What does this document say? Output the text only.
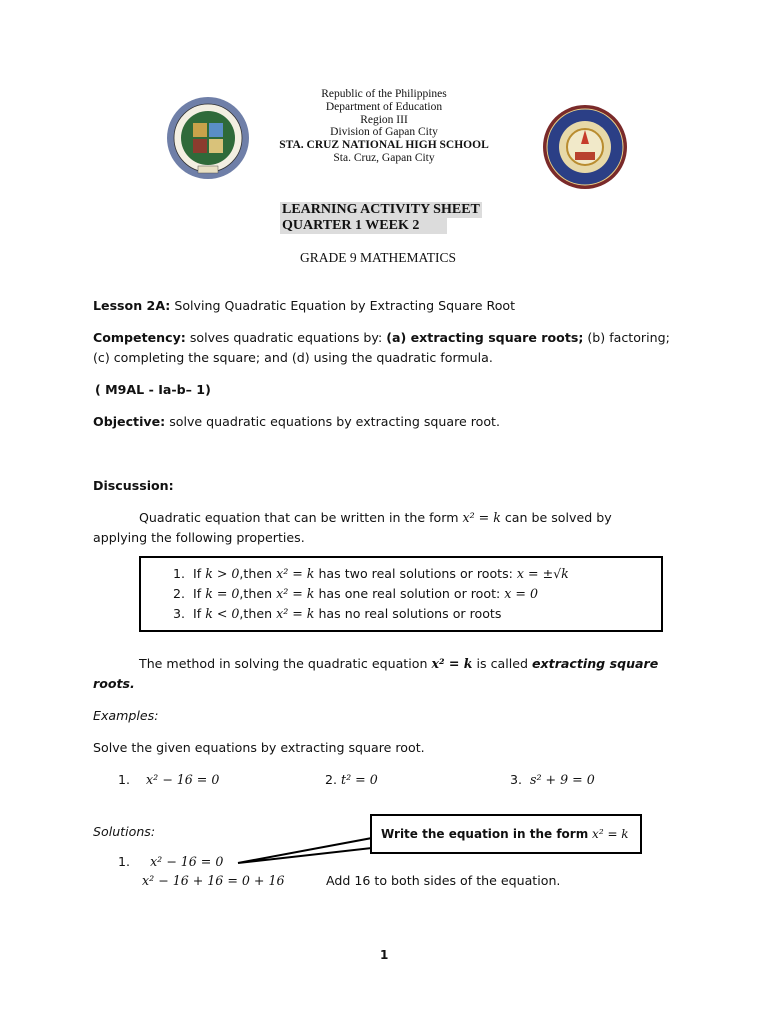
Republic of the Philippines
Department of Education
Region III
Division of Gapan City
STA. CRUZ NATIONAL HIGH SCHOOL
Sta. Cruz, Gapan City
LEARNING ACTIVITY SHEET
QUARTER 1 WEEK 2
GRADE 9 MATHEMATICS
Lesson 2A: Solving Quadratic Equation by Extracting Square Root
Competency: solves quadratic equations by: (a) extracting square roots; (b) factoring;
(c) completing the square; and (d) using the quadratic formula.
( M9AL - Ia-b– 1)
Objective: solve quadratic equations by extracting square root.
Discussion:
Quadratic equation that can be written in the form x² = k can be solved by
applying the following properties.
1. If k > 0,then x² = k has two real solutions or roots: x = ±√k
2. If k = 0,then x² = k has one real solution or root: x = 0
3. If k < 0,then x² = k has no real solutions or roots
The method in solving the quadratic equation x² = k is called extracting square
roots.
Examples:
Solve the given equations by extracting square root.
1. x² − 16 = 0	2. t² = 0	3. s² + 9 = 0
Solutions:	Write the equation in the form x² = k
1. x² − 16 = 0
x² − 16 + 16 = 0 + 16	Add 16 to both sides of the equation.
1
